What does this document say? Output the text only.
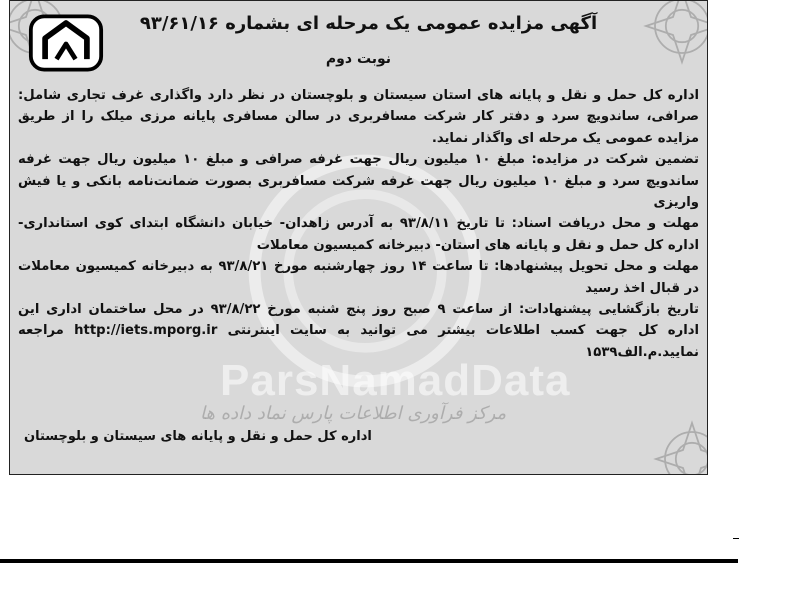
آگهی مزایده عمومی یک مرحله ای بشماره ۹۳/۶۱/۱۶
نوبت دوم

اداره کل حمل و نقل و پایانه های استان سیستان و بلوچستان در نظر دارد واگذاری غرف تجاری شامل: صرافی، ساندویچ سرد و دفتر کار شرکت مسافربری در سالن مسافری پایانه مرزی میلک را از طریق مزایده عمومی یک مرحله ای واگذار نماید.

تضمین شرکت در مزایده: مبلغ ۱۰ میلیون ریال جهت غرفه صرافی و مبلغ ۱۰ میلیون ریال جهت غرفه ساندویچ سرد و مبلغ ۱۰ میلیون ریال جهت غرفه شرکت مسافربری بصورت ضمانت‌نامه بانکی و یا فیش واریزی

مهلت و محل دریافت اسناد: تا تاریخ ۹۳/۸/۱۱ به آدرس زاهدان- خیابان دانشگاه ابتدای کوی استانداری- اداره کل حمل و نقل و پایانه های استان- دبیرخانه کمیسیون معاملات

مهلت و محل تحویل پیشنهادها: تا ساعت ۱۴ روز چهارشنبه مورخ ۹۳/۸/۲۱ به دبیرخانه کمیسیون معاملات در قبال اخذ رسید

تاریخ بازگشایی پیشنهادات: از ساعت ۹ صبح روز پنج شنبه مورخ ۹۳/۸/۲۲ در محل ساختمان اداری این اداره کل جهت کسب اطلاعات بیشتر می توانید به سایت اینترنتی http://iets.mporg.ir مراجعه نمایید.م.الف۱۵۳۹

ParsNamadData
مرکز فرآوری اطلاعات پارس نماد داده ها
اداره کل حمل و نقل و پایانه های سیستان و بلوچستان
